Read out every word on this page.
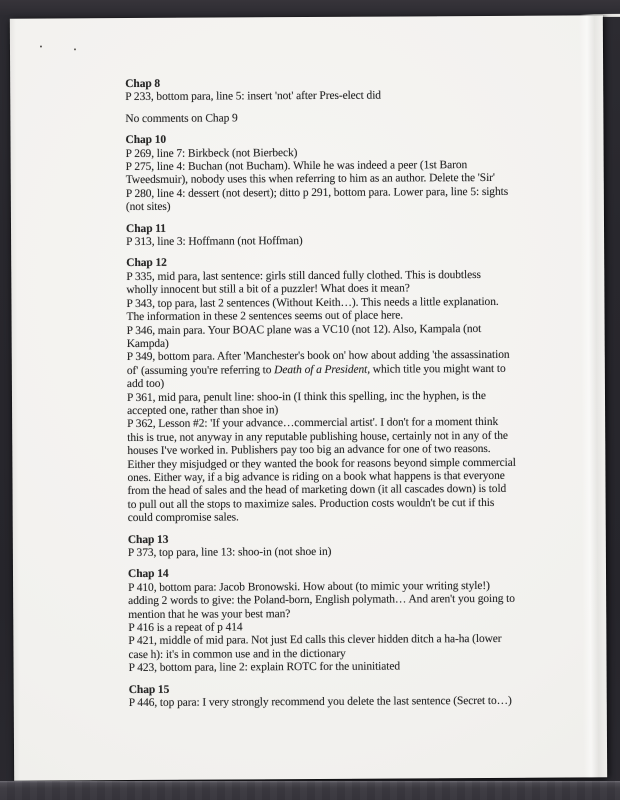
Chap 8
P 233, bottom para, line 5: insert 'not' after Pres-elect did
No comments on Chap 9
Chap 10
P 269, line 7: Birkbeck (not Bierbeck)
P 275, line 4: Buchan (not Bucham). While he was indeed a peer (1st Baron
Tweedsmuir), nobody uses this when referring to him as an author. Delete the 'Sir'
P 280, line 4: dessert (not desert); ditto p 291, bottom para. Lower para, line 5: sights
(not sites)
Chap 11
P 313, line 3: Hoffmann (not Hoffman)
Chap 12
P 335, mid para, last sentence: girls still danced fully clothed. This is doubtless
wholly innocent but still a bit of a puzzler! What does it mean?
P 343, top para, last 2 sentences (Without Keith…). This needs a little explanation.
The information in these 2 sentences seems out of place here.
P 346, main para. Your BOAC plane was a VC10 (not 12). Also, Kampala (not
Kampda)
P 349, bottom para. After 'Manchester's book on' how about adding 'the assassination
of' (assuming you're referring to Death of a President, which title you might want to
add too)
P 361, mid para, penult line: shoo-in (I think this spelling, inc the hyphen, is the
accepted one, rather than shoe in)
P 362, Lesson #2: 'If your advance…commercial artist'. I don't for a moment think
this is true, not anyway in any reputable publishing house, certainly not in any of the
houses I've worked in. Publishers pay too big an advance for one of two reasons.
Either they misjudged or they wanted the book for reasons beyond simple commercial
ones. Either way, if a big advance is riding on a book what happens is that everyone
from the head of sales and the head of marketing down (it all cascades down) is told
to pull out all the stops to maximize sales. Production costs wouldn't be cut if this
could compromise sales.
Chap 13
P 373, top para, line 13: shoo-in (not shoe in)
Chap 14
P 410, bottom para: Jacob Bronowski. How about (to mimic your writing style!)
adding 2 words to give: the Poland-born, English polymath… And aren't you going to
mention that he was your best man?
P 416 is a repeat of p 414
P 421, middle of mid para. Not just Ed calls this clever hidden ditch a ha-ha (lower
case h): it's in common use and in the dictionary
P 423, bottom para, line 2: explain ROTC for the uninitiated
Chap 15
P 446, top para: I very strongly recommend you delete the last sentence (Secret to…)
